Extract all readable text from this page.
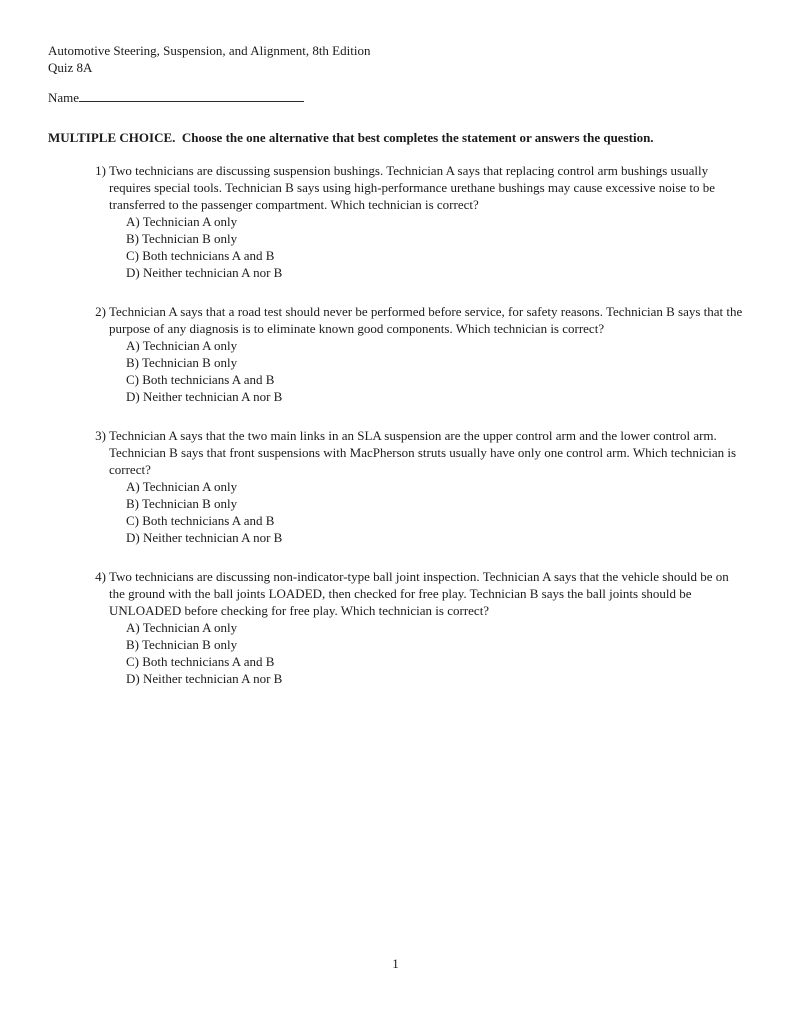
Automotive Steering, Suspension, and Alignment, 8th Edition
Quiz 8A
Name
MULTIPLE CHOICE.  Choose the one alternative that best completes the statement or answers the question.
1) Two technicians are discussing suspension bushings. Technician A says that replacing control arm bushings usually requires special tools. Technician B says using high-performance urethane bushings may cause excessive noise to be transferred to the passenger compartment. Which technician is correct?
A) Technician A only
B) Technician B only
C) Both technicians A and B
D) Neither technician A nor B
2) Technician A says that a road test should never be performed before service, for safety reasons. Technician B says that the purpose of any diagnosis is to eliminate known good components. Which technician is correct?
A) Technician A only
B) Technician B only
C) Both technicians A and B
D) Neither technician A nor B
3) Technician A says that the two main links in an SLA suspension are the upper control arm and the lower control arm. Technician B says that front suspensions with MacPherson struts usually have only one control arm. Which technician is correct?
A) Technician A only
B) Technician B only
C) Both technicians A and B
D) Neither technician A nor B
4) Two technicians are discussing non-indicator-type ball joint inspection. Technician A says that the vehicle should be on the ground with the ball joints LOADED, then checked for free play. Technician B says the ball joints should be UNLOADED before checking for free play. Which technician is correct?
A) Technician A only
B) Technician B only
C) Both technicians A and B
D) Neither technician A nor B
1
